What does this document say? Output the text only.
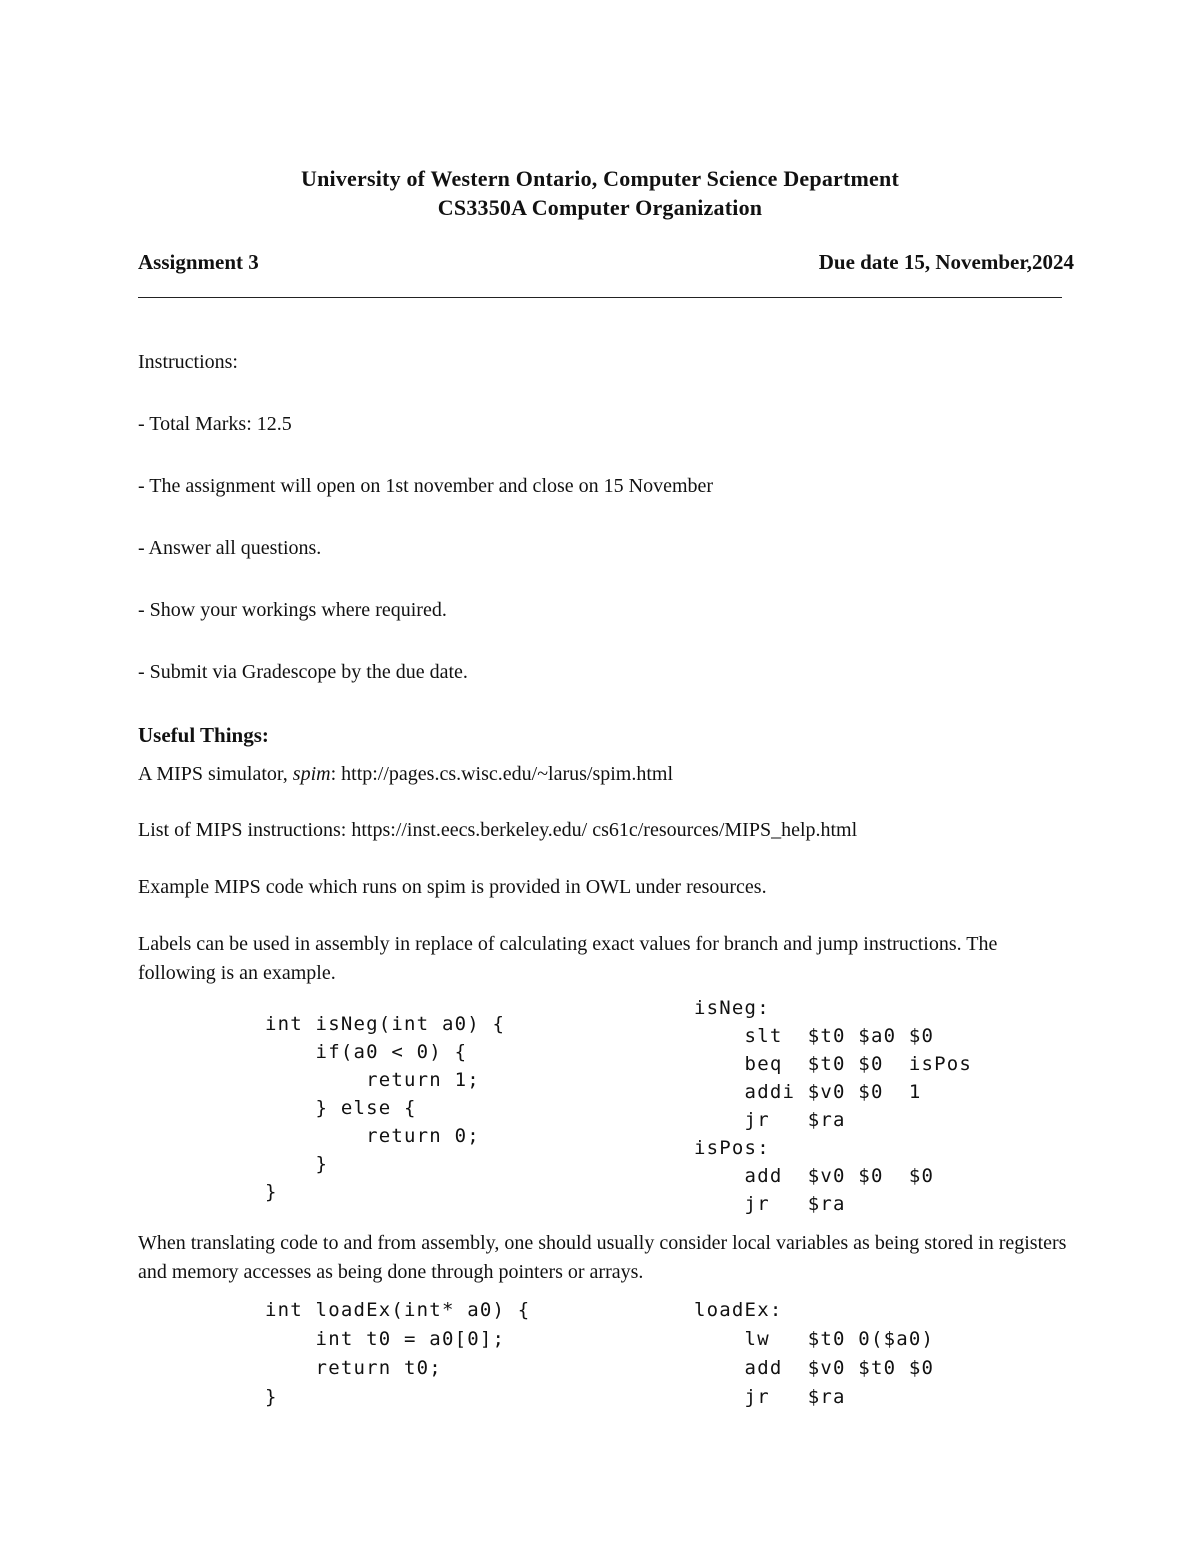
University of Western Ontario, Computer Science Department
CS3350A Computer Organization
Assignment 3	Due date 15, November,2024
Instructions:
- Total Marks: 12.5
- The assignment will open on 1st november and close on 15 November
- Answer all questions.
- Show your workings where required.
- Submit via Gradescope by the due date.
Useful Things:
A MIPS simulator, spim: http://pages.cs.wisc.edu/~larus/spim.html
List of MIPS instructions: https://inst.eecs.berkeley.edu/ cs61c/resources/MIPS_help.html
Example MIPS code which runs on spim is provided in OWL under resources.
Labels can be used in assembly in replace of calculating exact values for branch and jump instructions. The following is an example.
int isNeg(int a0) {
if(a0 < 0) {
return 1;
} else {
return 0;
}
}
isNeg:
slt  $t0 $a0 $0
beq  $t0 $0  isPos
addi $v0 $0  1
jr   $ra
isPos:
add  $v0 $0  $0
jr   $ra
When translating code to and from assembly, one should usually consider local variables as being stored in registers and memory accesses as being done through pointers or arrays.
int loadEx(int* a0) {
int t0 = a0[0];
return t0;
}
loadEx:
lw   $t0 0($a0)
add  $v0 $t0 $0
jr   $ra
